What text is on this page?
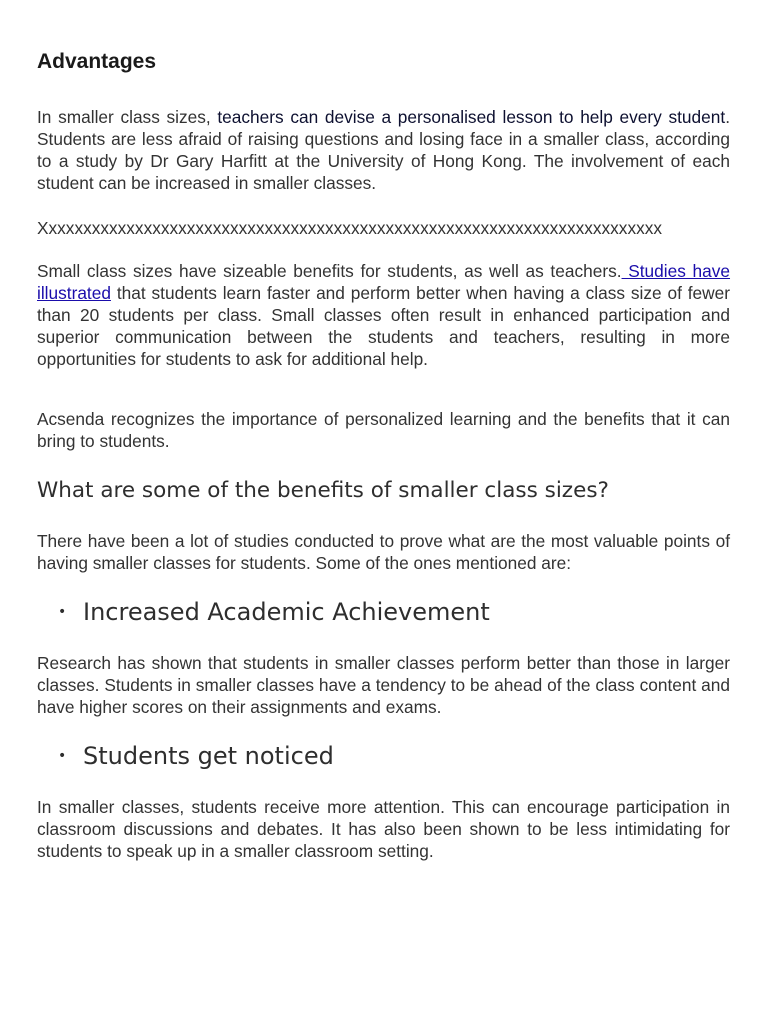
Advantages

In smaller class sizes, teachers can devise a personalised lesson to help every student. Students are less afraid of raising questions and losing face in a smaller class, according to a study by Dr Gary Harfitt at the University of Hong Kong. The involvement of each student can be increased in smaller classes.

Xxxxxxxxxxxxxxxxxxxxxxxxxxxxxxxxxxxxxxxxxxxxxxxxxxxxxxxxxxxxxxxxxxxxxxxx

Small class sizes have sizeable benefits for students, as well as teachers. Studies have illustrated that students learn faster and perform better when having a class size of fewer than 20 students per class. Small classes often result in enhanced participation and superior communication between the students and teachers, resulting in more opportunities for students to ask for additional help.

Acsenda recognizes the importance of personalized learning and the benefits that it can bring to students.

What are some of the benefits of smaller class sizes?

There have been a lot of studies conducted to prove what are the most valuable points of having smaller classes for students. Some of the ones mentioned are:

• Increased Academic Achievement

Research has shown that students in smaller classes perform better than those in larger classes. Students in smaller classes have a tendency to be ahead of the class content and have higher scores on their assignments and exams.

• Students get noticed

In smaller classes, students receive more attention. This can encourage participation in classroom discussions and debates. It has also been shown to be less intimidating for students to speak up in a smaller classroom setting.
